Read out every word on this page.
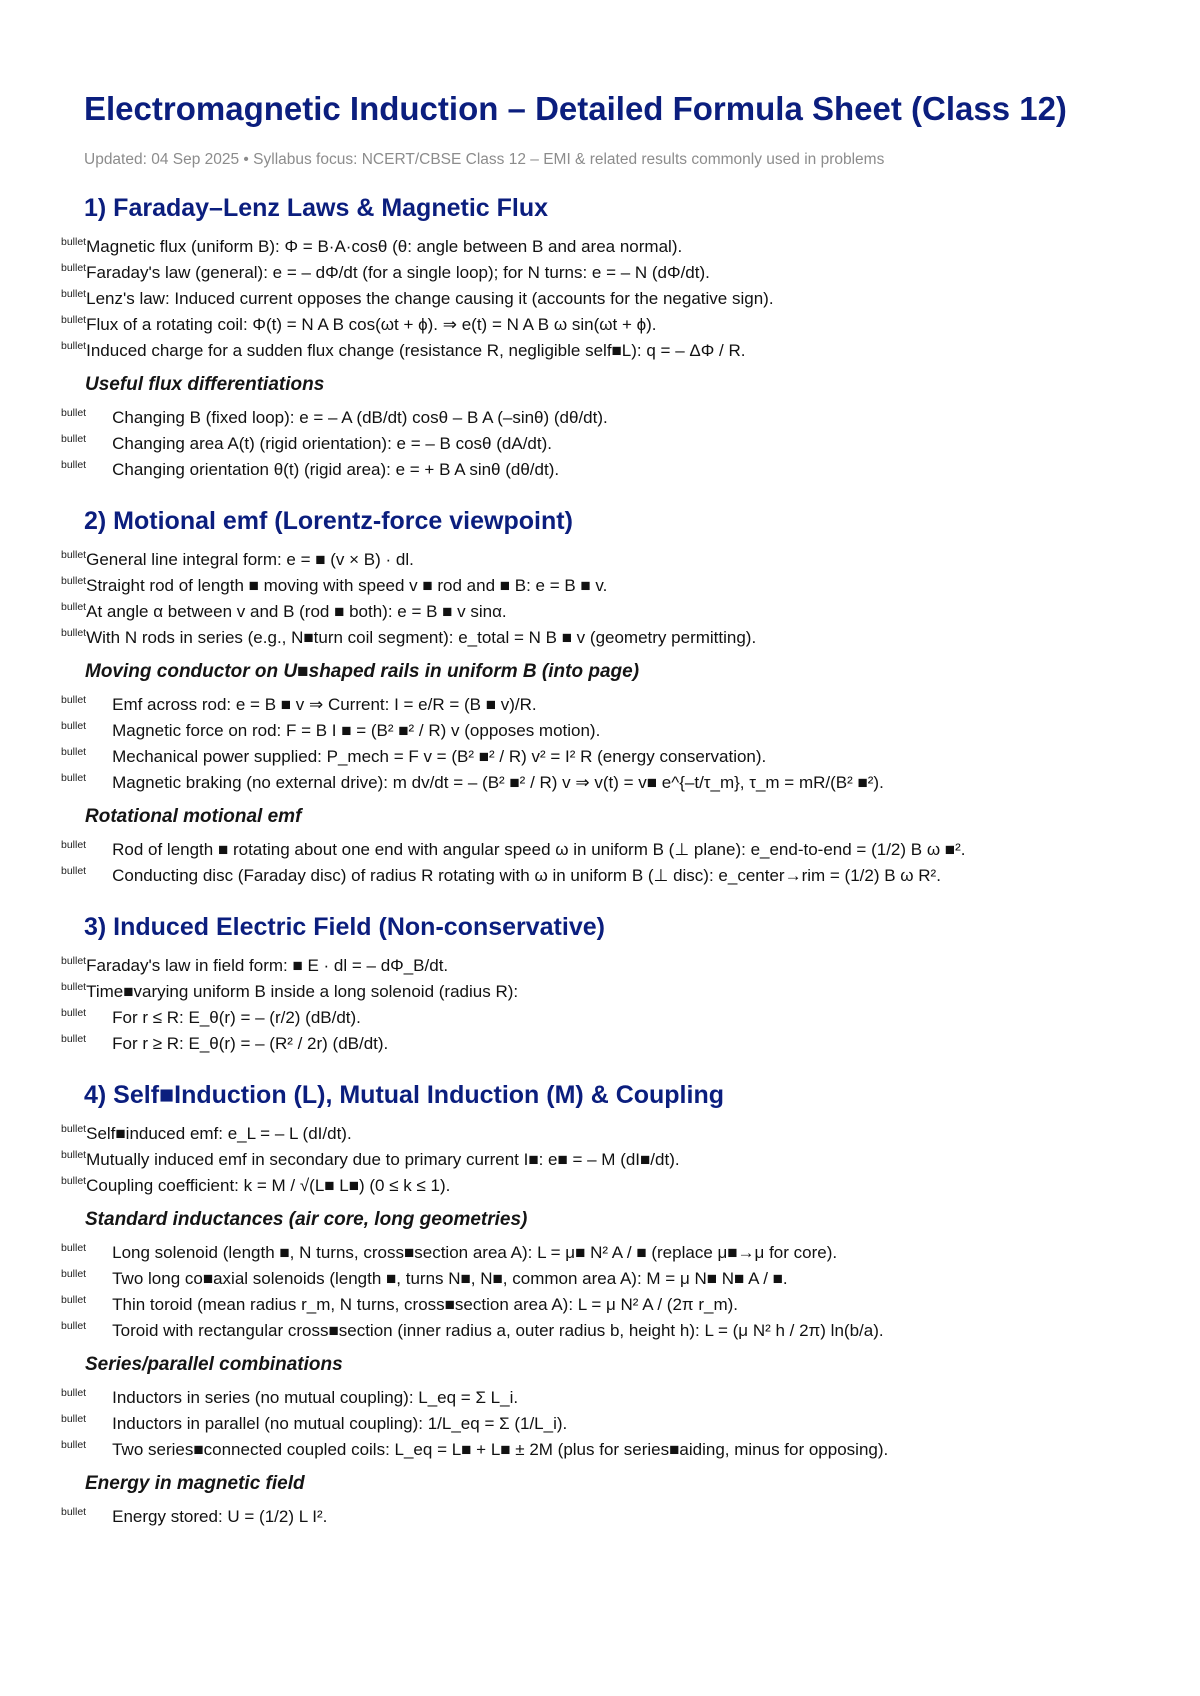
Electromagnetic Induction – Detailed Formula Sheet (Class 12)
Updated: 04 Sep 2025 • Syllabus focus: NCERT/CBSE Class 12 – EMI & related results commonly used in problems
1) Faraday–Lenz Laws & Magnetic Flux
$^{bullet}$Magnetic flux (uniform B): Φ = B·A·cosθ (θ: angle between B and area normal).
$^{bullet}$Faraday's law (general): e = – dΦ/dt (for a single loop); for N turns: e = – N (dΦ/dt).
$^{bullet}$Lenz's law: Induced current opposes the change causing it (accounts for the negative sign).
$^{bullet}$Flux of a rotating coil: Φ(t) = N A B cos(ωt + ϕ). ⇒ e(t) = N A B ω sin(ωt + ϕ).
$^{bullet}$Induced charge for a sudden flux change (resistance R, negligible self■L): q = – ΔΦ / R.
Useful flux differentiations
$^{bullet}$ Changing B (fixed loop): e = – A (dB/dt) cosθ – B A (–sinθ) (dθ/dt).
$^{bullet}$ Changing area A(t) (rigid orientation): e = – B cosθ (dA/dt).
$^{bullet}$ Changing orientation θ(t) (rigid area): e = + B A sinθ (dθ/dt).
2) Motional emf (Lorentz-force viewpoint)
$^{bullet}$General line integral form: e = ■ (v × B) · dl.
$^{bullet}$Straight rod of length ■ moving with speed v ■ rod and ■ B: e = B ■ v.
$^{bullet}$At angle α between v and B (rod ■ both): e = B ■ v sinα.
$^{bullet}$With N rods in series (e.g., N■turn coil segment): e_total = N B ■ v (geometry permitting).
Moving conductor on U■shaped rails in uniform B (into page)
$^{bullet}$ Emf across rod: e = B ■ v ⇒ Current: I = e/R = (B ■ v)/R.
$^{bullet}$ Magnetic force on rod: F = B I ■ = (B² ■² / R) v (opposes motion).
$^{bullet}$ Mechanical power supplied: P_mech = F v = (B² ■² / R) v² = I² R (energy conservation).
$^{bullet}$ Magnetic braking (no external drive): m dv/dt = – (B² ■² / R) v ⇒ v(t) = v■ e^{–t/τ_m}, τ_m = mR/(B² ■²).
Rotational motional emf
$^{bullet}$ Rod of length ■ rotating about one end with angular speed ω in uniform B (⊥ plane): e_end-to-end = (1/2) B ω ■².
$^{bullet}$ Conducting disc (Faraday disc) of radius R rotating with ω in uniform B (⊥ disc): e_center→rim = (1/2) B ω R².
3) Induced Electric Field (Non-conservative)
$^{bullet}$Faraday's law in field form: ■ E · dl = – dΦ_B/dt.
$^{bullet}$Time■varying uniform B inside a long solenoid (radius R):
$^{bullet}$ For r ≤ R: E_θ(r) = – (r/2) (dB/dt).
$^{bullet}$ For r ≥ R: E_θ(r) = – (R² / 2r) (dB/dt).
4) Self■Induction (L), Mutual Induction (M) & Coupling
$^{bullet}$Self■induced emf: e_L = – L (dI/dt).
$^{bullet}$Mutually induced emf in secondary due to primary current I■: e■ = – M (dI■/dt).
$^{bullet}$Coupling coefficient: k = M / √(L■ L■) (0 ≤ k ≤ 1).
Standard inductances (air core, long geometries)
$^{bullet}$ Long solenoid (length ■, N turns, cross■section area A): L = μ■ N² A / ■ (replace μ■→μ for core).
$^{bullet}$ Two long co■axial solenoids (length ■, turns N■, N■, common area A): M = μ N■ N■ A / ■.
$^{bullet}$ Thin toroid (mean radius r_m, N turns, cross■section area A): L = μ N² A / (2π r_m).
$^{bullet}$ Toroid with rectangular cross■section (inner radius a, outer radius b, height h): L = (μ N² h / 2π) ln(b/a).
Series/parallel combinations
$^{bullet}$ Inductors in series (no mutual coupling): L_eq = Σ L_i.
$^{bullet}$ Inductors in parallel (no mutual coupling): 1/L_eq = Σ (1/L_i).
$^{bullet}$ Two series■connected coupled coils: L_eq = L■ + L■ ± 2M (plus for series■aiding, minus for opposing).
Energy in magnetic field
$^{bullet}$ Energy stored: U = (1/2) L I².
